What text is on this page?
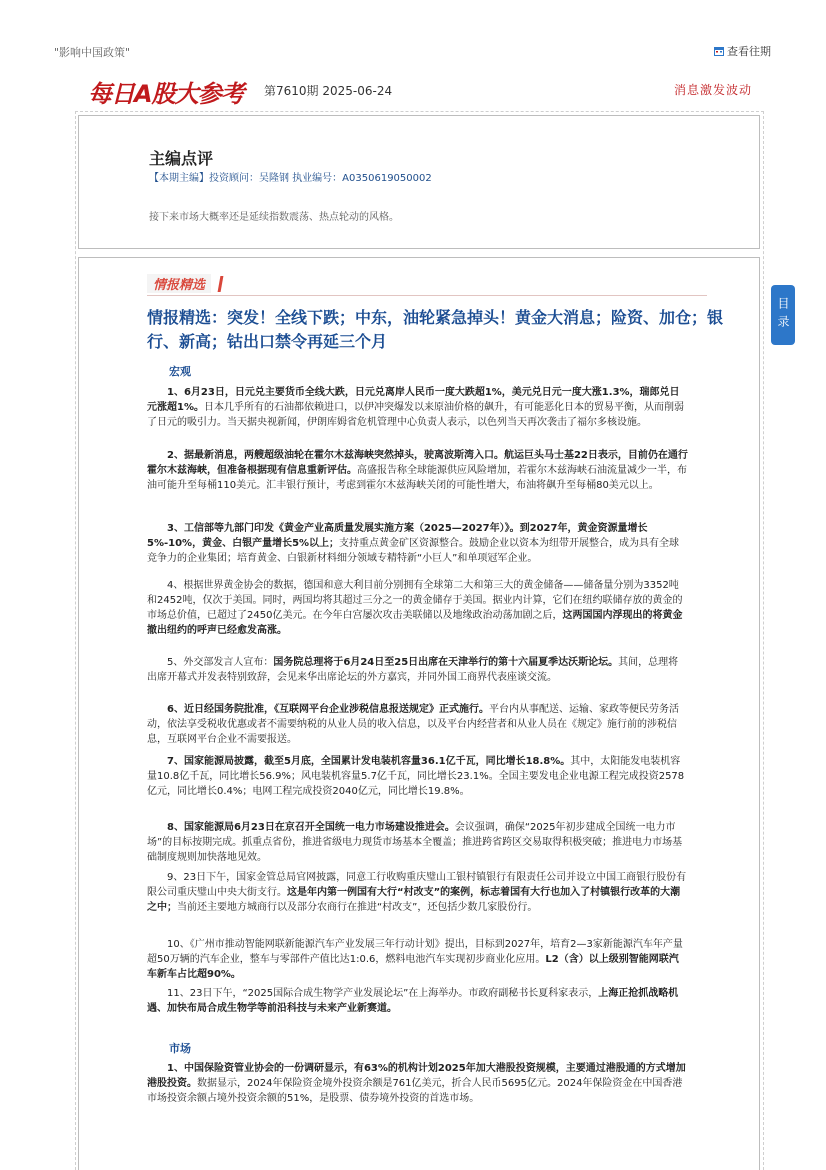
"影响中国政策"	查看往期
每日A股大参考 第7610期 2025-06-24	消息激发波动
主编点评
【本期主编】投资顾问：吴隆钢 执业编号：A0350619050002
接下来市场大概率还是延续指数震荡、热点轮动的风格。
情报精选
情报精选：突发！全线下跌；中东，油轮紧急掉头！黄金大消息；险资、加仓；银行、新高；钴出口禁令再延三个月
宏观

1、6月23日，日元兑主要货币全线大跌，日元兑离岸人民币一度大跌超1%，美元兑日元一度大涨1.3%，瑞郎兑日元涨超1%。日本几乎所有的石油都依赖进口，以伊冲突爆发以来原油价格的飙升，有可能恶化日本的贸易平衡，从而削弱了日元的吸引力。当天据央视新闻，伊朗库姆省危机管理中心负责人表示，以色列当天再次袭击了福尔多核设施。

2、据最新消息，两艘超级油轮在霍尔木兹海峡突然掉头，驶离波斯湾入口。航运巨头马士基22日表示，目前仍在通行霍尔木兹海峡，但准备根据现有信息重新评估。高盛报告称全球能源供应风险增加，若霍尔木兹海峡石油流量减少一半，布油可能升至每桶110美元。汇丰银行预计，考虑到霍尔木兹海峡关闭的可能性增大，布油将飙升至每桶80美元以上。

3、工信部等九部门印发《黄金产业高质量发展实施方案（2025—2027年）》。到2027年，黄金资源量增长5%-10%，黄金、白银产量增长5%以上；支持重点黄金矿区资源整合。鼓励企业以资本为纽带开展整合，成为具有全球竞争力的企业集团；培育黄金、白银新材料细分领域专精特新“小巨人”和单项冠军企业。

4、根据世界黄金协会的数据，德国和意大利目前分别拥有全球第二大和第三大的黄金储备——储备量分别为3352吨和2452吨，仅次于美国。同时，两国均将其超过三分之一的黄金储存于美国。据业内计算，它们在纽约联储存放的黄金的市场总价值，已超过了2450亿美元。在今年白宫屡次攻击美联储以及地缘政治动荡加剧之后，这两国国内浮现出的将黄金撤出纽约的呼声已经愈发高涨。

5、外交部发言人宣布：国务院总理将于6月24日至25日出席在天津举行的第十六届夏季达沃斯论坛。其间，总理将出席开幕式并发表特别致辞，会见来华出席论坛的外方嘉宾，并同外国工商界代表座谈交流。

6、近日经国务院批准，《互联网平台企业涉税信息报送规定》正式施行。平台内从事配送、运输、家政等便民劳务活动，依法享受税收优惠或者不需要纳税的从业人员的收入信息，以及平台内经营者和从业人员在《规定》施行前的涉税信息，互联网平台企业不需要报送。

7、国家能源局披露，截至5月底，全国累计发电装机容量36.1亿千瓦，同比增长18.8%。其中，太阳能发电装机容量10.8亿千瓦，同比增长56.9%；风电装机容量5.7亿千瓦，同比增长23.1%。全国主要发电企业电源工程完成投资2578亿元，同比增长0.4%；电网工程完成投资2040亿元，同比增长19.8%。

8、国家能源局6月23日在京召开全国统一电力市场建设推进会。会议强调，确保“2025年初步建成全国统一电力市场”的目标按期完成。抓重点省份，推进省级电力现货市场基本全覆盖；推进跨省跨区交易取得积极突破；推进电力市场基础制度规则加快落地见效。

9、23日下午，国家金管总局官网披露，同意工行收购重庆璧山工银村镇银行有限责任公司并设立中国工商银行股份有限公司重庆璧山中央大街支行。这是年内第一例国有大行“村改支”的案例，标志着国有大行也加入了村镇银行改革的大潮之中；当前还主要地方城商行以及部分农商行在推进“村改支”，还包括少数几家股份行。

10、《广州市推动智能网联新能源汽车产业发展三年行动计划》提出，目标到2027年，培育2—3家新能源汽车年产量超50万辆的汽车企业，整车与零部件产值比达1:0.6，燃料电池汽车实现初步商业化应用。L2（含）以上级别智能网联汽车新车占比超90%。

11、23日下午，“2025国际合成生物学产业发展论坛”在上海举办。市政府副秘书长夏科家表示，上海正抢抓战略机遇、加快布局合成生物学等前沿科技与未来产业新赛道。

市场

1、中国保险资管业协会的一份调研显示，有63%的机构计划2025年加大港股投资规模，主要通过港股通的方式增加港股投资。数据显示，2024年保险资金境外投资余额是761亿美元，折合人民币5695亿元。2024年保险资金在中国香港市场投资余额占境外投资余额的51%，是股票、债券境外投资的首选市场。

目录
